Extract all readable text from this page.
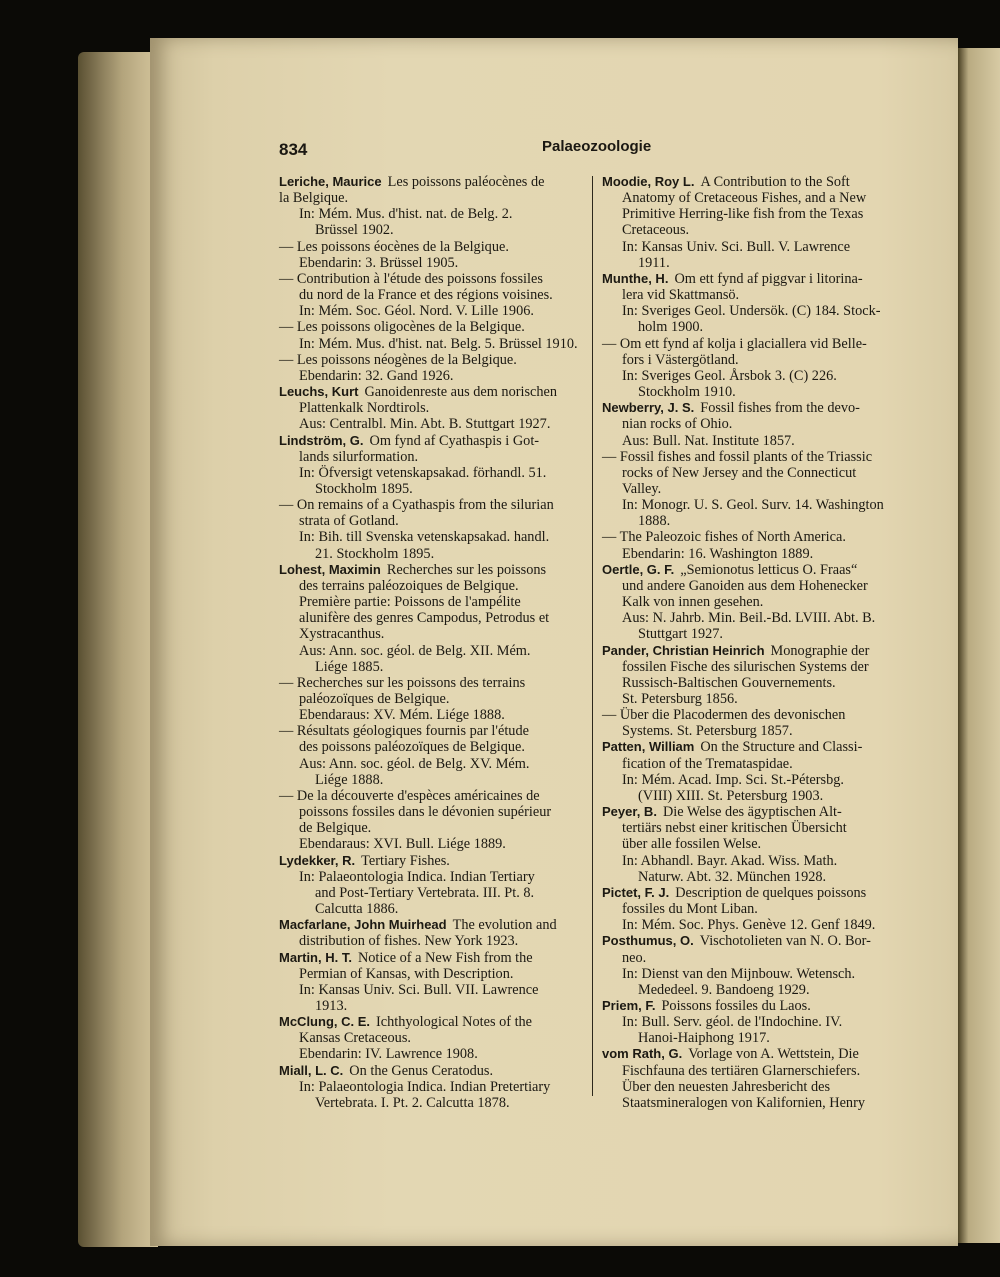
834	Palaeozoologie
Leriche, Maurice Les poissons paléocènes de
la Belgique.
In: Mém. Mus. d'hist. nat. de Belg. 2.
Brüssel 1902.
— Les poissons éocènes de la Belgique.
Ebendarin: 3. Brüssel 1905.
— Contribution à l'étude des poissons fossiles
du nord de la France et des régions voisines.
In: Mém. Soc. Géol. Nord. V. Lille 1906.
— Les poissons oligocènes de la Belgique.
In: Mém. Mus. d'hist. nat. Belg. 5. Brüssel 1910.
— Les poissons néogènes de la Belgique.
Ebendarin: 32. Gand 1926.
Leuchs, Kurt Ganoidenreste aus dem norischen
Plattenkalk Nordtirols.
Aus: Centralbl. Min. Abt. B. Stuttgart 1927.
Lindström, G. Om fynd af Cyathaspis i Got-
lands silurformation.
In: Öfversigt vetenskapsakad. förhandl. 51.
Stockholm 1895.
— On remains of a Cyathaspis from the silurian
strata of Gotland.
In: Bih. till Svenska vetenskapsakad. handl.
21. Stockholm 1895.
Lohest, Maximin Recherches sur les poissons
des terrains paléozoiques de Belgique.
Première partie: Poissons de l'ampélite
alunifère des genres Campodus, Petrodus et
Xystracanthus.
Aus: Ann. soc. géol. de Belg. XII. Mém.
Liége 1885.
— Recherches sur les poissons des terrains
paléozoïques de Belgique.
Ebendaraus: XV. Mém. Liége 1888.
— Résultats géologiques fournis par l'étude
des poissons paléozoïques de Belgique.
Aus: Ann. soc. géol. de Belg. XV. Mém.
Liége 1888.
— De la découverte d'espèces américaines de
poissons fossiles dans le dévonien supérieur
de Belgique.
Ebendaraus: XVI. Bull. Liége 1889.
Lydekker, R. Tertiary Fishes.
In: Palaeontologia Indica. Indian Tertiary
and Post-Tertiary Vertebrata. III. Pt. 8.
Calcutta 1886.
Macfarlane, John Muirhead The evolution and
distribution of fishes. New York 1923.
Martin, H. T. Notice of a New Fish from the
Permian of Kansas, with Description.
In: Kansas Univ. Sci. Bull. VII. Lawrence
1913.
McClung, C. E. Ichthyological Notes of the
Kansas Cretaceous.
Ebendarin: IV. Lawrence 1908.
Miall, L. C. On the Genus Ceratodus.
In: Palaeontologia Indica. Indian Pretertiary
Vertebrata. I. Pt. 2. Calcutta 1878.
Moodie, Roy L. A Contribution to the Soft
Anatomy of Cretaceous Fishes, and a New
Primitive Herring-like fish from the Texas
Cretaceous.
In: Kansas Univ. Sci. Bull. V. Lawrence
1911.
Munthe, H. Om ett fynd af piggvar i litorina-
lera vid Skattmansö.
In: Sveriges Geol. Undersök. (C) 184. Stock-
holm 1900.
— Om ett fynd af kolja i glaciallera vid Belle-
fors i Västergötland.
In: Sveriges Geol. Årsbok 3. (C) 226.
Stockholm 1910.
Newberry, J. S. Fossil fishes from the devo-
nian rocks of Ohio.
Aus: Bull. Nat. Institute 1857.
— Fossil fishes and fossil plants of the Triassic
rocks of New Jersey and the Connecticut
Valley.
In: Monogr. U. S. Geol. Surv. 14. Washington
1888.
— The Paleozoic fishes of North America.
Ebendarin: 16. Washington 1889.
Oertle, G. F. „Semionotus letticus O. Fraas“
und andere Ganoiden aus dem Hohenecker
Kalk von innen gesehen.
Aus: N. Jahrb. Min. Beil.-Bd. LVIII. Abt. B.
Stuttgart 1927.
Pander, Christian Heinrich Monographie der
fossilen Fische des silurischen Systems der
Russisch-Baltischen Gouvernements.
St. Petersburg 1856.
— Über die Placodermen des devonischen
Systems. St. Petersburg 1857.
Patten, William On the Structure and Classi-
fication of the Tremataspidae.
In: Mém. Acad. Imp. Sci. St.-Pétersbg.
(VIII) XIII. St. Petersburg 1903.
Peyer, B. Die Welse des ägyptischen Alt-
tertiärs nebst einer kritischen Übersicht
über alle fossilen Welse.
In: Abhandl. Bayr. Akad. Wiss. Math.
Naturw. Abt. 32. München 1928.
Pictet, F. J. Description de quelques poissons
fossiles du Mont Liban.
In: Mém. Soc. Phys. Genève 12. Genf 1849.
Posthumus, O. Vischotolieten van N. O. Bor-
neo.
In: Dienst van den Mijnbouw. Wetensch.
Mededeel. 9. Bandoeng 1929.
Priem, F. Poissons fossiles du Laos.
In: Bull. Serv. géol. de l'Indochine. IV.
Hanoi-Haiphong 1917.
vom Rath, G. Vorlage von A. Wettstein, Die
Fischfauna des tertiären Glarnerschiefers.
Über den neuesten Jahresbericht des
Staatsmineralogen von Kalifornien, Henry
